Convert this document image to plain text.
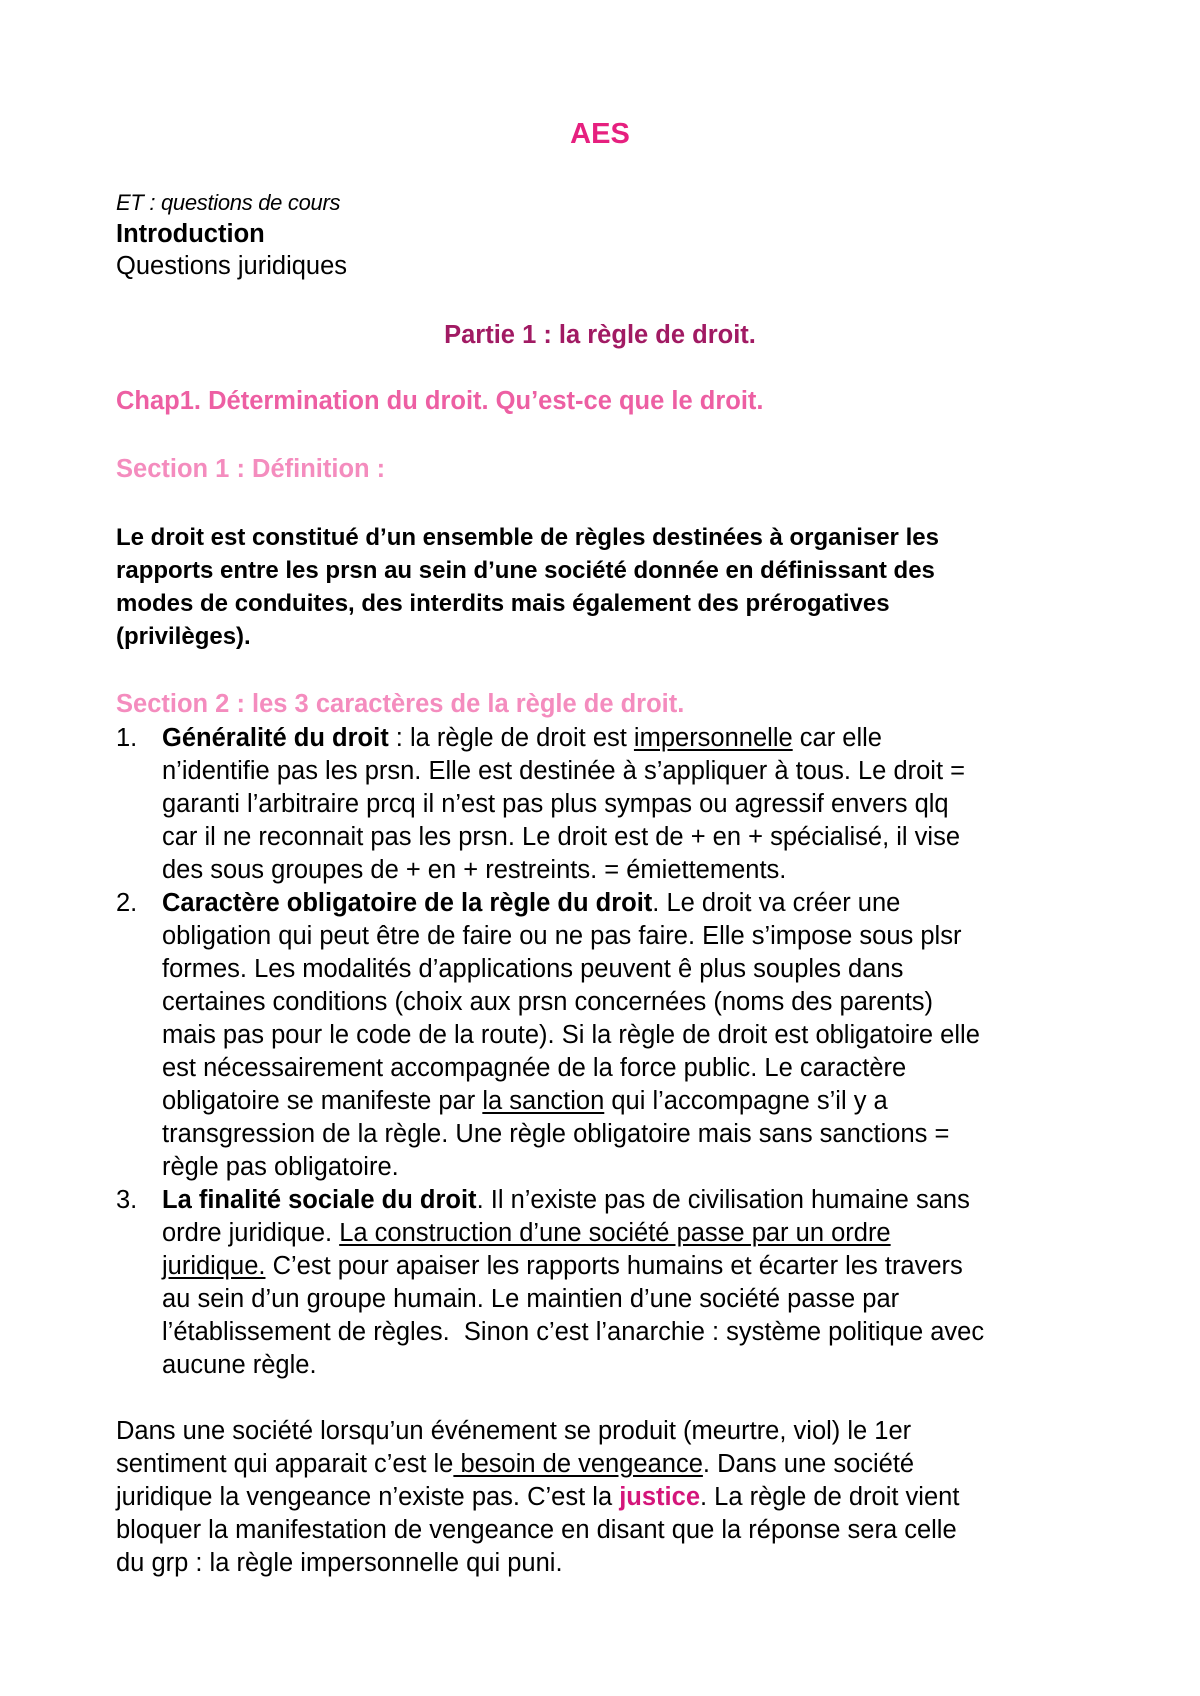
AES
ET : questions de cours
Introduction
Questions juridiques
Partie 1 : la règle de droit.
Chap1. Détermination du droit. Qu’est-ce que le droit.
Section 1 : Définition :
Le droit est constitué d’un ensemble de règles destinées à organiser les
rapports entre les prsn au sein d’une société donnée en définissant des
modes de conduites, des interdits mais également des prérogatives
(privilèges).
Section 2 : les 3 caractères de la règle de droit.
1. Généralité du droit : la règle de droit est impersonnelle car elle
n’identifie pas les prsn. Elle est destinée à s’appliquer à tous. Le droit =
garanti l’arbitraire prcq il n’est pas plus sympas ou agressif envers qlq
car il ne reconnait pas les prsn. Le droit est de + en + spécialisé, il vise
des sous groupes de + en + restreints. = émiettements.
2. Caractère obligatoire de la règle du droit. Le droit va créer une
obligation qui peut être de faire ou ne pas faire. Elle s’impose sous plsr
formes. Les modalités d’applications peuvent ê plus souples dans
certaines conditions (choix aux prsn concernées (noms des parents)
mais pas pour le code de la route). Si la règle de droit est obligatoire elle
est nécessairement accompagnée de la force public. Le caractère
obligatoire se manifeste par la sanction qui l’accompagne s’il y a
transgression de la règle. Une règle obligatoire mais sans sanctions =
règle pas obligatoire.
3. La finalité sociale du droit. Il n’existe pas de civilisation humaine sans
ordre juridique. La construction d’une société passe par un ordre
juridique. C’est pour apaiser les rapports humains et écarter les travers
au sein d’un groupe humain. Le maintien d’une société passe par
l’établissement de règles.  Sinon c’est l’anarchie : système politique avec
aucune règle.
Dans une société lorsqu’un événement se produit (meurtre, viol) le 1er
sentiment qui apparait c’est le besoin de vengeance. Dans une société
juridique la vengeance n’existe pas. C’est la justice. La règle de droit vient
bloquer la manifestation de vengeance en disant que la réponse sera celle
du grp : la règle impersonnelle qui puni.
